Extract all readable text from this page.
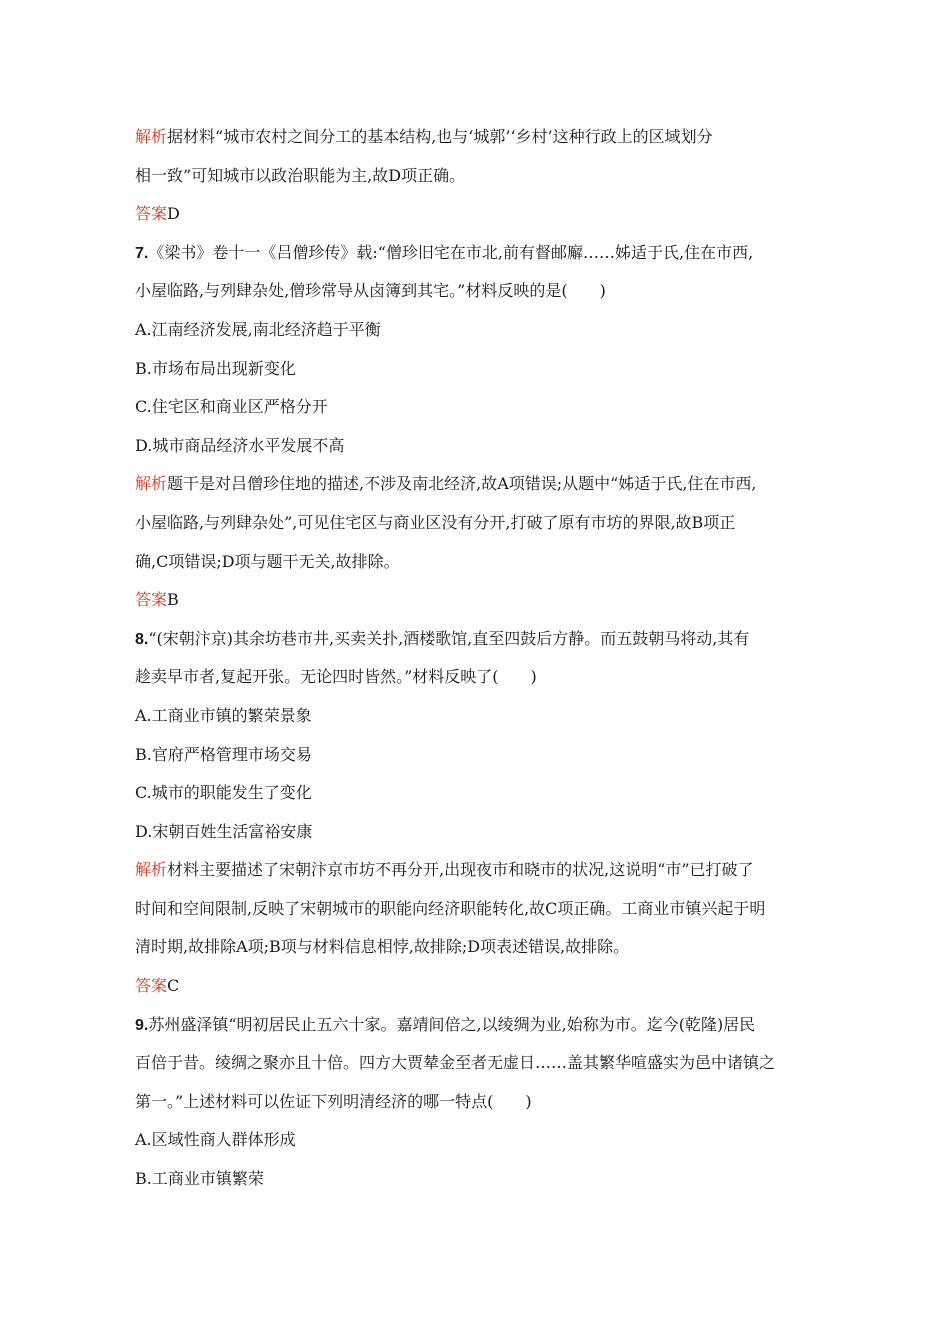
解析据材料“城市农村之间分工的基本结构,也与‘城郭’‘乡村’这种行政上的区域划分
相一致”可知城市以政治职能为主,故D项正确。
答案D
7.《梁书》卷十一《吕僧珍传》载:“僧珍旧宅在市北,前有督邮廨……姊适于氏,住在市西,
小屋临路,与列肆杂处,僧珍常导从卤簿到其宅。”材料反映的是(　　)
A.江南经济发展,南北经济趋于平衡
B.市场布局出现新变化
C.住宅区和商业区严格分开
D.城市商品经济水平发展不高
解析题干是对吕僧珍住地的描述,不涉及南北经济,故A项错误;从题中“姊适于氏,住在市西,
小屋临路,与列肆杂处”,可见住宅区与商业区没有分开,打破了原有市坊的界限,故B项正
确,C项错误;D项与题干无关,故排除。
答案B
8.“(宋朝汴京)其余坊巷市井,买卖关扑,酒楼歌馆,直至四鼓后方静。而五鼓朝马将动,其有
趁卖早市者,复起开张。无论四时皆然。”材料反映了(　　)
A.工商业市镇的繁荣景象
B.官府严格管理市场交易
C.城市的职能发生了变化
D.宋朝百姓生活富裕安康
解析材料主要描述了宋朝汴京市坊不再分开,出现夜市和晓市的状况,这说明“市”已打破了
时间和空间限制,反映了宋朝城市的职能向经济职能转化,故C项正确。工商业市镇兴起于明
清时期,故排除A项;B项与材料信息相悖,故排除;D项表述错误,故排除。
答案C
9.苏州盛泽镇“明初居民止五六十家。嘉靖间倍之,以绫绸为业,始称为市。迄今(乾隆)居民
百倍于昔。绫绸之聚亦且十倍。四方大贾辇金至者无虚日……盖其繁华喧盛实为邑中诸镇之
第一。”上述材料可以佐证下列明清经济的哪一特点(　　)
A.区域性商人群体形成
B.工商业市镇繁荣
